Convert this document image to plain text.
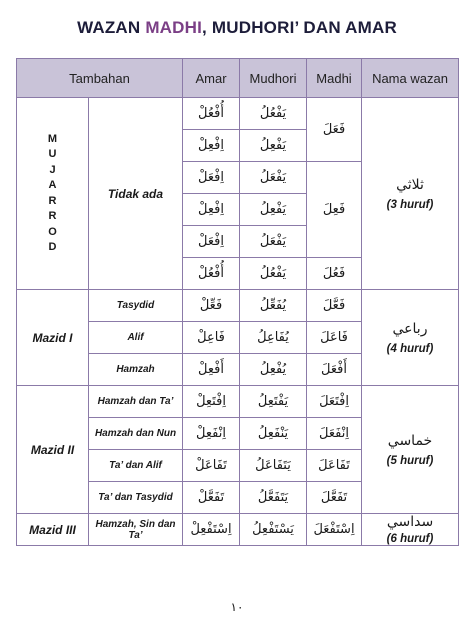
WAZAN MADHI, MUDHORI’ DAN AMAR
Tambahan		Amar	Mudhori	Madhi	Nama wazan
M U J A R R O D	Tidak ada	أُفْعُلْ	يَفْعُلُ	فَعَلَ	ثلاثي
(3 huruf)

		اِفْعِلْ	يَفْعِلُ		
		اِفْعَلْ	يَفْعَلُ	فَعِلَ	
		اِفْعِلْ	يَفْعِلُ		
		اِفْعَلْ	يَفْعَلُ		
		أُفْعُلْ	يَفْعُلُ	فَعُلَ	
Mazid I	Tasydid	فَعِّلْ	يُفَعِّلُ	فَعَّلَ	رباعي
(4 huruf)

	Alif	فَاعِلْ	يُفَاعِلُ	فَاعَلَ	
	Hamzah	أَفْعِلْ	يُفْعِلُ	أَفْعَلَ	
Mazid II	Hamzah dan Ta’	اِفْتَعِلْ	يَفْتَعِلُ	اِفْتَعَلَ	خماسي
(5 huruf)

	Hamzah dan Nun	اِنْفَعِلْ	يَنْفَعِلُ	اِنْفَعَلَ	
	Ta’ dan Alif	تَفَاعَلْ	يَتَفَاعَلُ	تَفَاعَلَ	
	Ta’ dan Tasydid	تَفَعَّلْ	يَتَفَعَّلُ	تَفَعَّلَ	
Mazid III	Hamzah, Sin dan Ta’	اِسْتَفْعِلْ	يَسْتَفْعِلُ	اِسْتَفْعَلَ	سداسي
(6 huruf)
١٠
